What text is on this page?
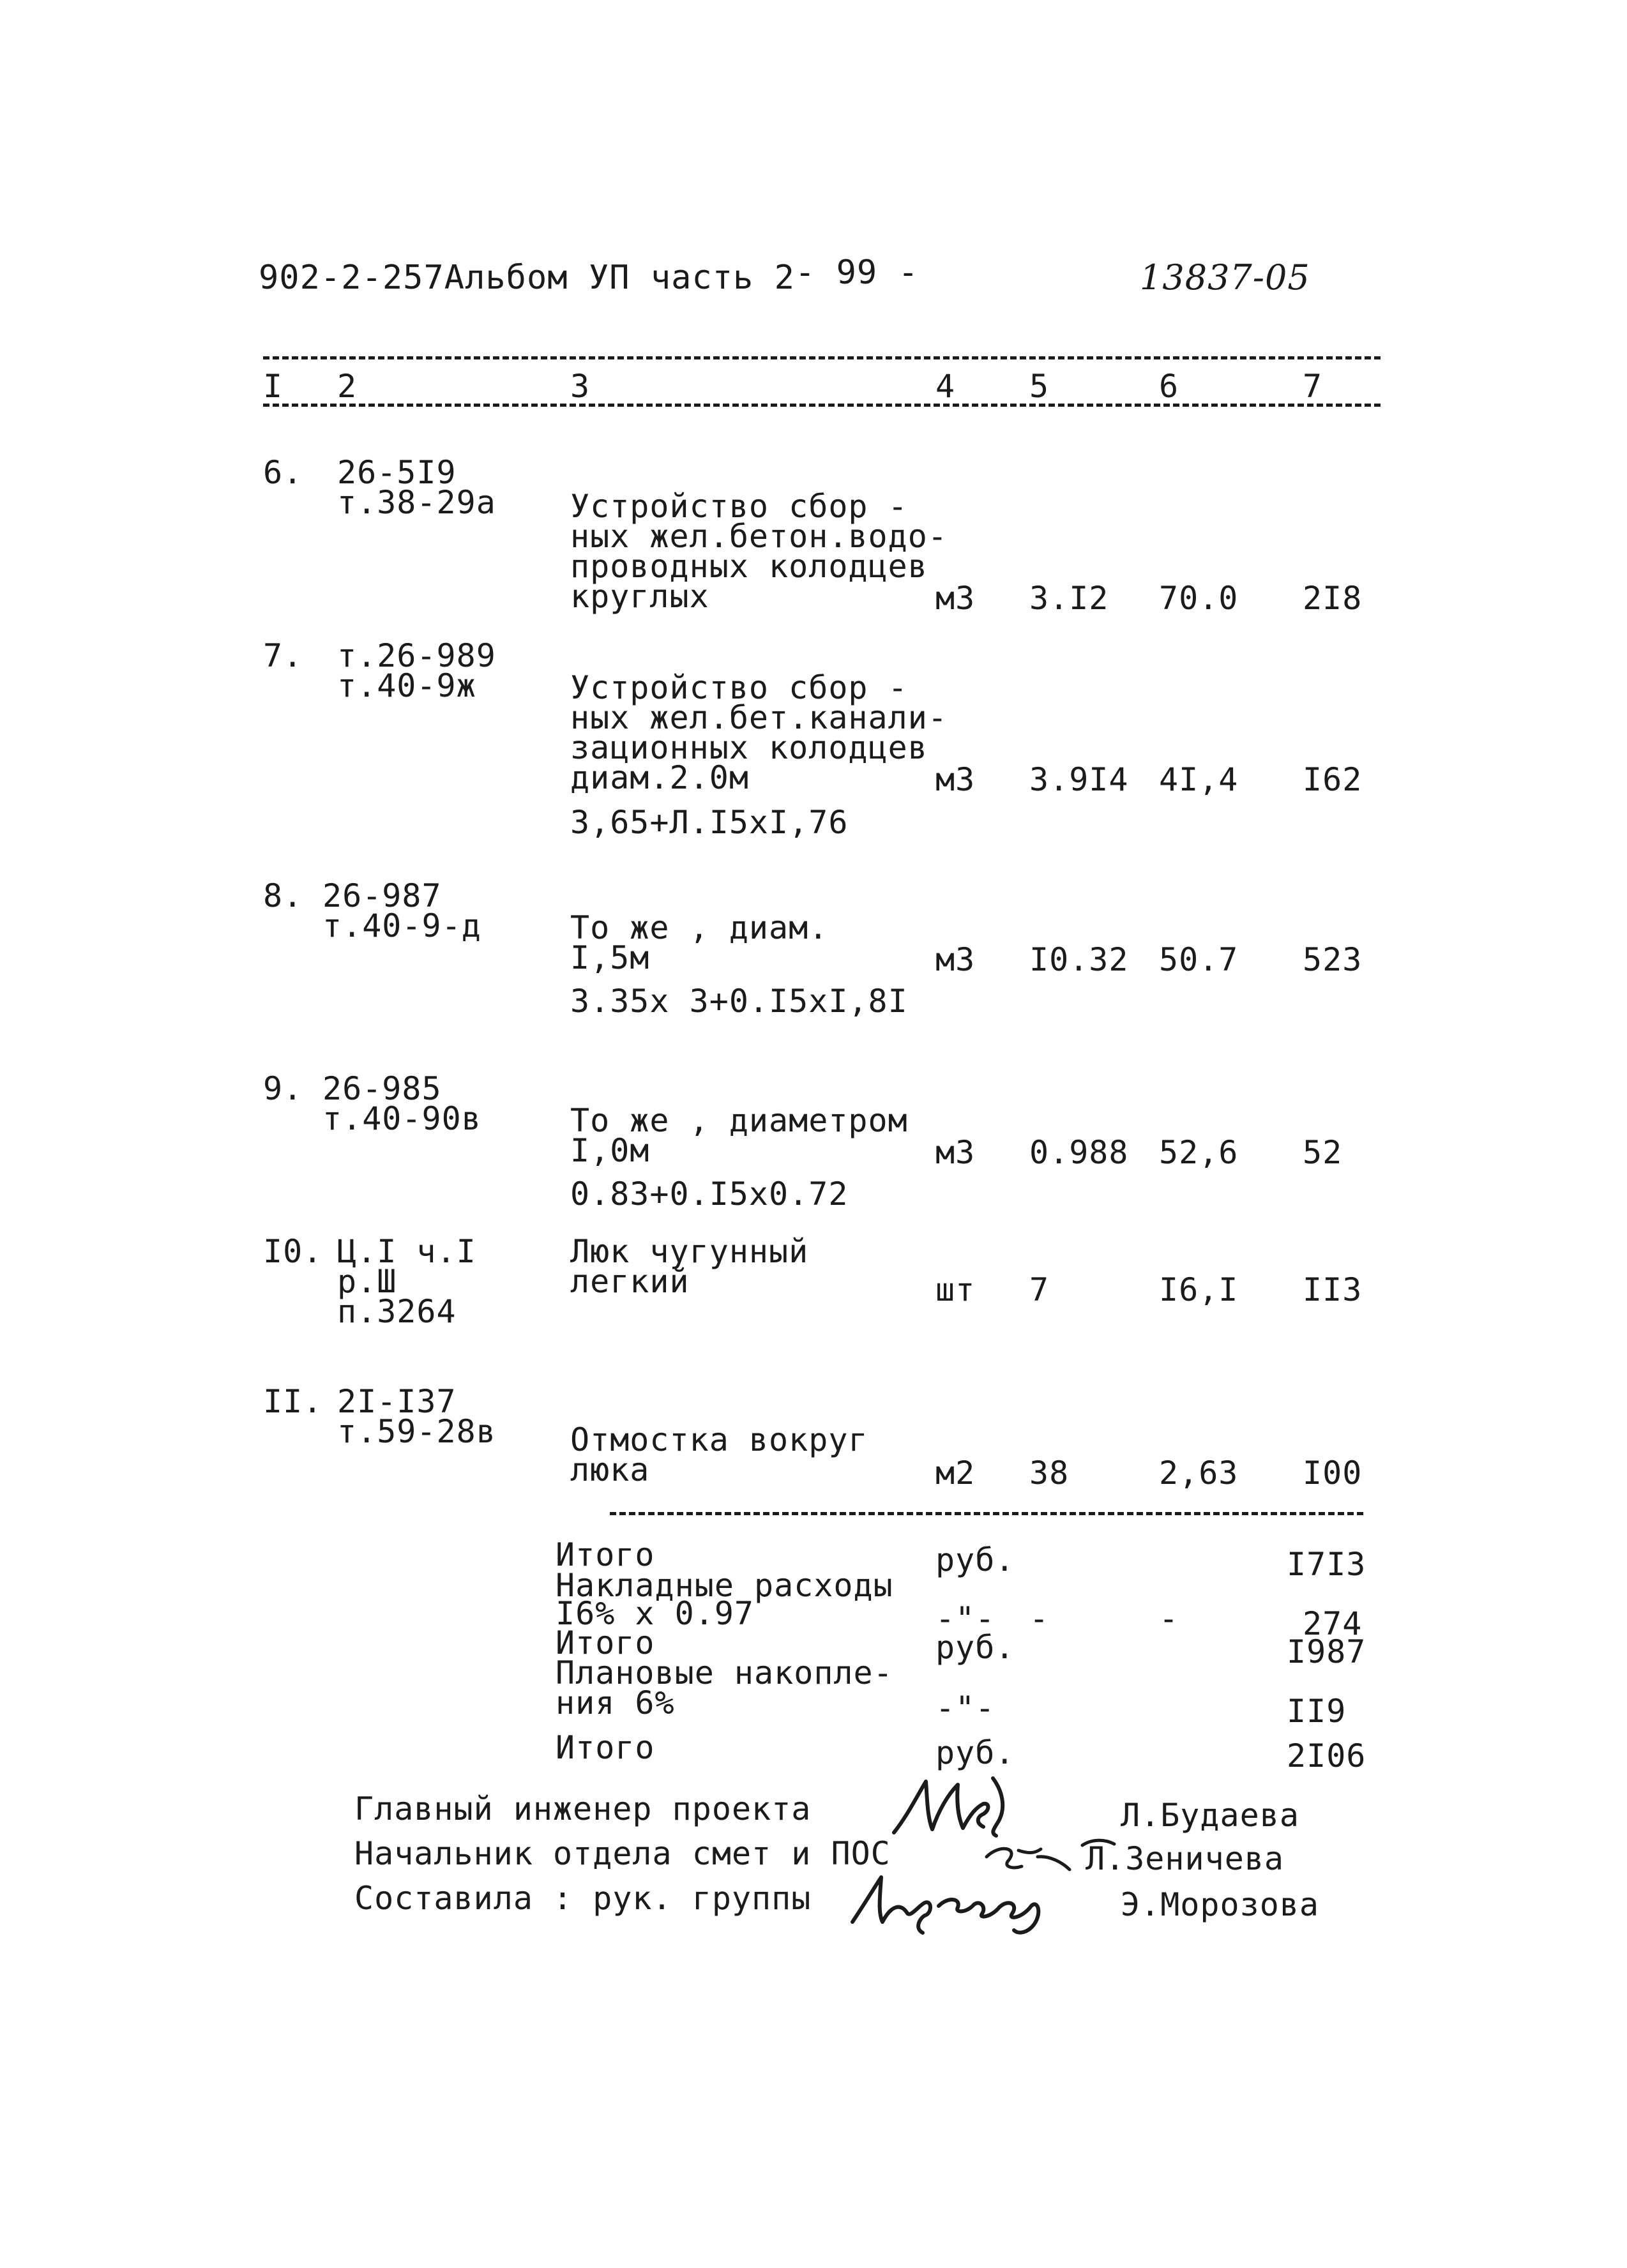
902-2-257Альбом УП часть 2 - 99 -	13837-05
I 2	3	4 5	6	7
6. 26-5I9
т.38-29а Устройство сбор -
ных жел.бетон.водо-
проводных колодцев
круглых	м3 3.I2 70.0 2I8
7. т.26-989
т.40-9ж	Устройство сбор -
ных жел.бет.канали-
зационных колодцев
диам.2.0м
3,65+Л.I5хI,76
м3 3.9I4 4I,4 I62
8. 26-987
т.40-9-д	То же , диам.
I,5м
3.35х 3+0.I5хI,8I
м3 I0.32 50.7 523
9. 26-985
т.40-90в	То же , диаметром
I,0м
0.83+0.I5х0.72
м3 0.988 52,6 52
I0. Ц.I ч.I
р.Ш
п.3264
Люк чугунный
легкий	шт 7	I6,I II3
II. 2I-I37
т.59-28в Отмостка вокруг
люка	м2 38	2,63 I00
Итого	руб.	I7I3
Накладные расходы
I6% х 0.97	-"- -	-	274
Итого	руб.	I987
Плановые накопле-
ния 6%	-"-	II9
Итого	руб.	2I06
Главный инженер проекта	Л.Будаева
Начальник отдела смет и ПОС	Л.Зеничева
Составила : рук. группы	Э.Морозова
